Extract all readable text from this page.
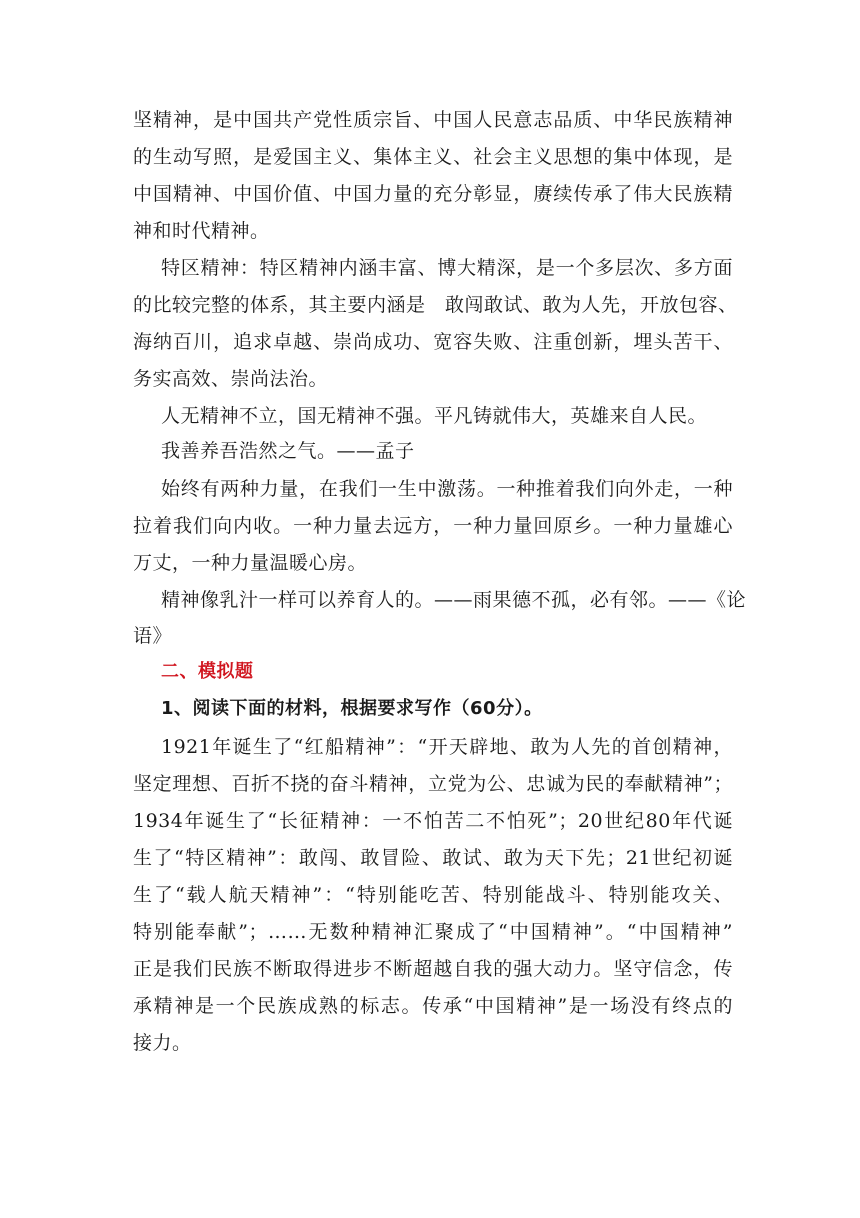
坚精神，是中国共产党性质宗旨、中国人民意志品质、中华民族精神
的生动写照，是爱国主义、集体主义、社会主义思想的集中体现，是
中国精神、中国价值、中国力量的充分彰显，赓续传承了伟大民族精
神和时代精神。
特区精神：特区精神内涵丰富、博大精深，是一个多层次、多方面
的比较完整的体系，其主要内涵是　敢闯敢试、敢为人先，开放包容、
海纳百川，追求卓越、崇尚成功、宽容失败、注重创新，埋头苦干、
务实高效、崇尚法治。
人无精神不立，国无精神不强。平凡铸就伟大，英雄来自人民。
我善养吾浩然之气。——孟子
始终有两种力量，在我们一生中激荡。一种推着我们向外走，一种
拉着我们向内收。一种力量去远方，一种力量回原乡。一种力量雄心
万丈，一种力量温暖心房。
精神像乳汁一样可以养育人的。——雨果德不孤，必有邻。——《论
语》
二、模拟题
1、阅读下面的材料，根据要求写作（60分）。
1921年诞生了“红船精神”：“开天辟地、敢为人先的首创精神，
坚定理想、百折不挠的奋斗精神，立党为公、忠诚为民的奉献精神”；
1934年诞生了“长征精神：一不怕苦二不怕死”；20世纪80年代诞
生了“特区精神”：敢闯、敢冒险、敢试、敢为天下先；21世纪初诞
生了“载人航天精神”：“特别能吃苦、特别能战斗、特别能攻关、
特别能奉献”；……无数种精神汇聚成了“中国精神”。“中国精神”
正是我们民族不断取得进步不断超越自我的强大动力。坚守信念，传
承精神是一个民族成熟的标志。传承“中国精神”是一场没有终点的
接力。
